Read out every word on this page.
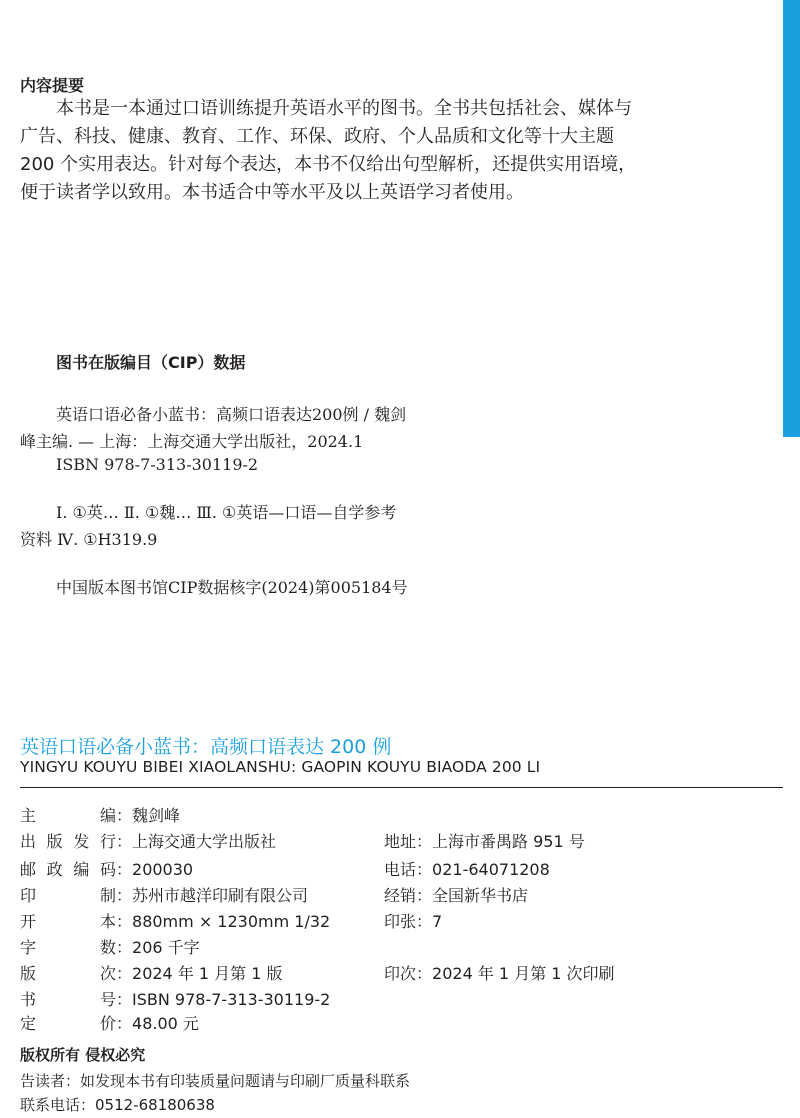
内容提要
本书是一本通过口语训练提升英语水平的图书。全书共包括社会、媒体与
广告、科技、健康、教育、工作、环保、政府、个人品质和文化等十大主题
200 个实用表达。针对每个表达，本书不仅给出句型解析，还提供实用语境，
便于读者学以致用。本书适合中等水平及以上英语学习者使用。
图书在版编目（CIP）数据
英语口语必备小蓝书：高频口语表达200例 / 魏剑
峰主编. — 上海：上海交通大学出版社，2024.1
ISBN 978-7-313-30119-2
Ⅰ. ①英… Ⅱ. ①魏… Ⅲ. ①英语—口语—自学参考
资料 Ⅳ. ①H319.9
中国版本图书馆CIP数据核字(2024)第005184号
英语口语必备小蓝书：高频口语表达 200 例
YINGYU KOUYU BIBEI XIAOLANSHU: GAOPIN KOUYU BIAODA 200 LI
主编：魏剑峰
出版发行：上海交通大学出版社
邮政编码：200030
印制：苏州市越洋印刷有限公司
开本：880mm × 1230mm 1/32
字数：206 千字
版次：2024 年 1 月第 1 版
书号：ISBN 978-7-313-30119-2
定价：48.00 元
地址：上海市番禺路 951 号
电话：021-64071208
经销：全国新华书店
印张：7
印次：2024 年 1 月第 1 次印刷
版权所有 侵权必究
告读者：如发现本书有印装质量问题请与印刷厂质量科联系
联系电话：0512-68180638
